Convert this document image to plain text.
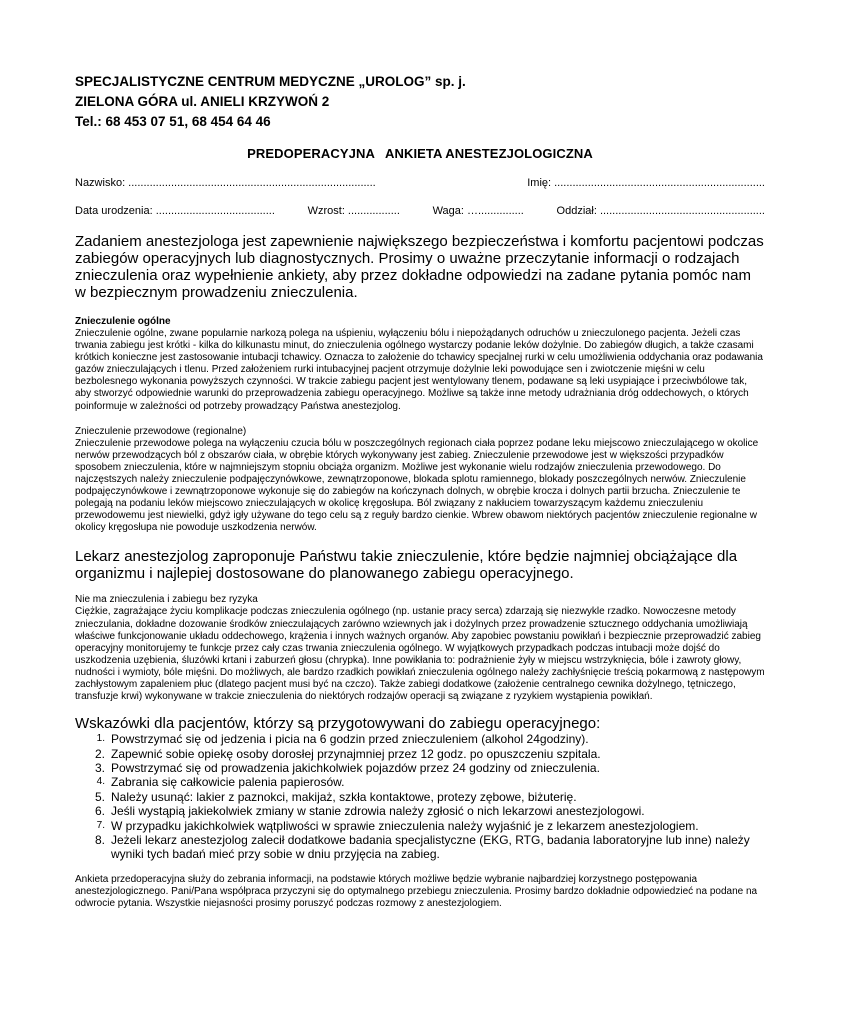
SPECJALISTYCZNE CENTRUM MEDYCZNE „UROLOG” sp. j.
ZIELONA GÓRA ul. ANIELI KRZYWOŃ 2
Tel.: 68 453 07 51, 68 454 64 46
PREDOPERACYJNA ANKIETA ANESTEZJOLOGICZNA
Nazwisko: .................................................................................	Imię: .....................................................................
Data urodzenia: .......................................	Wzrost: .................	Waga: …...............	Oddział: ......................................................
Zadaniem anestezjologa jest zapewnienie największego bezpieczeństwa i komfortu pacjentowi podczas zabiegów operacyjnych lub diagnostycznych. Prosimy o uważne przeczytanie informacji o rodzajach znieczulenia oraz wypełnienie ankiety, aby przez dokładne odpowiedzi na zadane pytania pomóc nam w bezpiecznym prowadzeniu znieczulenia.
Znieczulenie ogólne
Znieczulenie ogólne, zwane popularnie narkozą polega na uśpieniu, wyłączeniu bólu i niepożądanych odruchów u znieczulonego pacjenta. Jeżeli czas trwania zabiegu jest krótki - kilka do kilkunastu minut, do znieczulenia ogólnego wystarczy podanie leków dożylnie. Do zabiegów długich, a także czasami krótkich konieczne jest zastosowanie intubacji tchawicy. Oznacza to założenie do tchawicy specjalnej rurki w celu umożliwienia oddychania oraz podawania gazów znieczulających i tlenu. Przed założeniem rurki intubacyjnej pacjent otrzymuje dożylnie leki powodujące sen i zwiotczenie mięśni w celu bezbolesnego wykonania powyższych czynności. W trakcie zabiegu pacjent jest wentylowany tlenem, podawane są leki usypiające i przeciwbólowe tak, aby stworzyć odpowiednie warunki do przeprowadzenia zabiegu operacyjnego. Możliwe są także inne metody udrażniania dróg oddechowych, o których poinformuje w zależności od potrzeby prowadzący Państwa anestezjolog.
Znieczulenie przewodowe (regionalne)
Znieczulenie przewodowe polega na wyłączeniu czucia bólu w poszczególnych regionach ciała poprzez podane leku miejscowo znieczulającego w okolice nerwów przewodzących ból z obszarów ciała, w obrębie których wykonywany jest zabieg. Znieczulenie przewodowe jest w większości przypadków sposobem znieczulenia, które w najmniejszym stopniu obciąża organizm. Możliwe jest wykonanie wielu rodzajów znieczulenia przewodowego. Do najczęstszych należy znieczulenie podpajęczynówkowe, zewnątrzoponowe, blokada splotu ramiennego, blokady poszczególnych nerwów. Znieczulenie podpajęczynówkowe i zewnątrzoponowe wykonuje się do zabiegów na kończynach dolnych, w obrębie krocza i dolnych partii brzucha. Znieczulenie te polegają na podaniu leków miejscowo znieczulających w okolicę kręgosłupa. Ból związany z nakłuciem towarzyszącym każdemu znieczuleniu przewodowemu jest niewielki, gdyż igły używane do tego celu są z reguły bardzo cienkie. Wbrew obawom niektórych pacjentów znieczulenie regionalne w okolicy kręgosłupa nie powoduje uszkodzenia nerwów.
Lekarz anestezjolog zaproponuje Państwu takie znieczulenie, które będzie najmniej obciążające dla organizmu i najlepiej dostosowane do planowanego zabiegu operacyjnego.
Nie ma znieczulenia i zabiegu bez ryzyka
Ciężkie, zagrażające życiu komplikacje podczas znieczulenia ogólnego (np. ustanie pracy serca) zdarzają się niezwykle rzadko. Nowoczesne metody znieczulania, dokładne dozowanie środków znieczulających zarówno wziewnych jak i dożylnych przez prowadzenie sztucznego oddychania umożliwiają właściwe funkcjonowanie układu oddechowego, krążenia i innych ważnych organów. Aby zapobiec powstaniu powikłań i bezpiecznie przeprowadzić zabieg operacyjny monitorujemy te funkcje przez cały czas trwania znieczulenia ogólnego. W wyjątkowych przypadkach podczas intubacji może dojść do uszkodzenia uzębienia, śluzówki krtani i zaburzeń głosu (chrypka). Inne powikłania to: podrażnienie żyły w miejscu wstrzyknięcia, bóle i zawroty głowy, nudności i wymioty, bóle mięśni. Do możliwych, ale bardzo rzadkich powikłań znieczulenia ogólnego należy zachłyśnięcie treścią pokarmową z następowym zachłystowym zapaleniem płuc (dlatego pacjent musi być na czczo). Także zabiegi dodatkowe (założenie centralnego cewnika dożylnego, tętniczego, transfuzje krwi) wykonywane w trakcie znieczulenia do niektórych rodzajów operacji są związane z ryzykiem wystąpienia powikłań.
Wskazówki dla pacjentów, którzy są przygotowywani do zabiegu operacyjnego:
1. Powstrzymać się od jedzenia i picia na 6 godzin przed znieczuleniem (alkohol 24godziny).
2. Zapewnić sobie opiekę osoby dorosłej przynajmniej przez 12 godz. po opuszczeniu szpitala.
3. Powstrzymać się od prowadzenia jakichkolwiek pojazdów przez 24 godziny od znieczulenia.
4. Zabrania się całkowicie palenia papierosów.
5. Należy usunąć: lakier z paznokci, makijaż, szkła kontaktowe, protezy zębowe, biżuterię.
6. Jeśli wystąpią jakiekolwiek zmiany w stanie zdrowia należy zgłosić o nich lekarzowi anestezjologowi.
7. W przypadku jakichkolwiek wątpliwości w sprawie znieczulenia należy wyjaśnić je z lekarzem anestezjologiem.
8. Jeżeli lekarz anestezjolog zalecił dodatkowe badania specjalistyczne (EKG, RTG, badania laboratoryjne lub inne) należy wyniki tych badań mieć przy sobie w dniu przyjęcia na zabieg.
Ankieta przedoperacyjna służy do zebrania informacji, na podstawie których możliwe będzie wybranie najbardziej korzystnego postępowania anestezjologicznego. Pani/Pana współpraca przyczyni się do optymalnego przebiegu znieczulenia. Prosimy bardzo dokładnie odpowiedzieć na podane na odwrocie pytania. Wszystkie niejasności prosimy poruszyć podczas rozmowy z anestezjologiem.
